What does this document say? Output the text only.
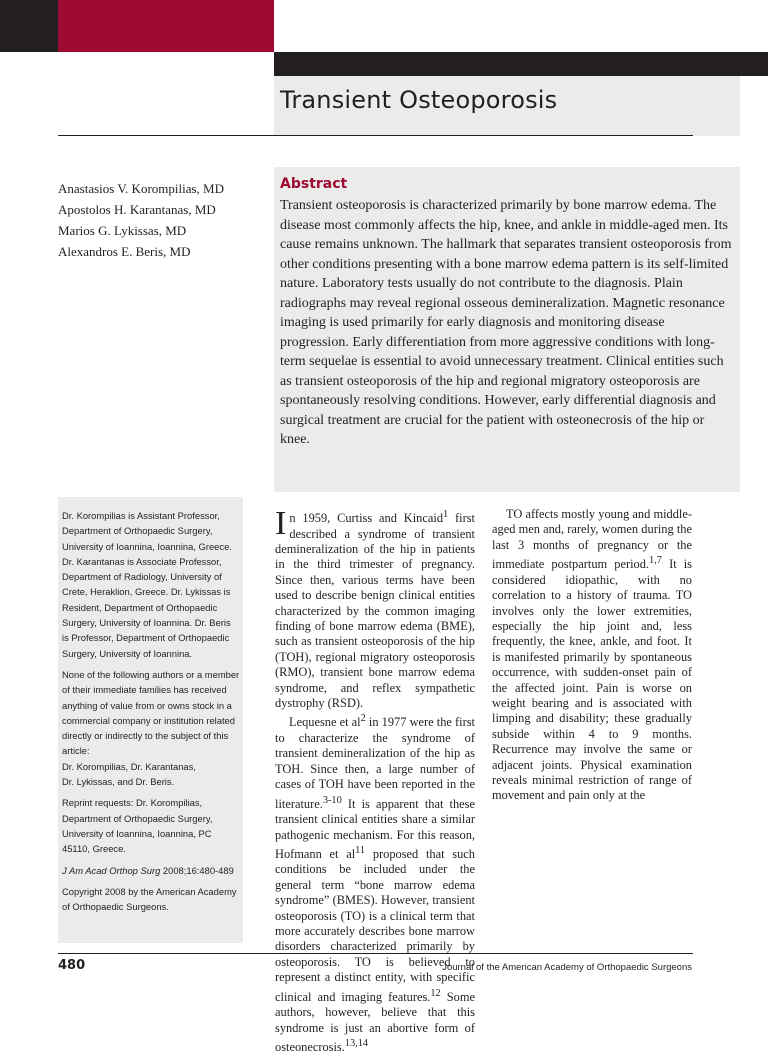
Transient Osteoporosis
Anastasios V. Korompilias, MD
Apostolos H. Karantanas, MD
Marios G. Lykissas, MD
Alexandros E. Beris, MD
Abstract

Transient osteoporosis is characterized primarily by bone marrow edema. The disease most commonly affects the hip, knee, and ankle in middle-aged men. Its cause remains unknown. The hallmark that separates transient osteoporosis from other conditions presenting with a bone marrow edema pattern is its self-limited nature. Laboratory tests usually do not contribute to the diagnosis. Plain radiographs may reveal regional osseous demineralization. Magnetic resonance imaging is used primarily for early diagnosis and monitoring disease progression. Early differentiation from more aggressive conditions with long-term sequelae is essential to avoid unnecessary treatment. Clinical entities such as transient osteoporosis of the hip and regional migratory osteoporosis are spontaneously resolving conditions. However, early differential diagnosis and surgical treatment are crucial for the patient with osteonecrosis of the hip or knee.

Dr. Korompilias is Assistant Professor, Department of Orthopaedic Surgery, University of Ioannina, Ioannina, Greece. Dr. Karantanas is Associate Professor, Department of Radiology, University of Crete, Heraklion, Greece. Dr. Lykissas is Resident, Department of Orthopaedic Surgery, University of Ioannina. Dr. Beris is Professor, Department of Orthopaedic Surgery, University of Ioannina.

None of the following authors or a member of their immediate families has received anything of value from or owns stock in a commercial company or institution related directly or indirectly to the subject of this article:
Dr. Korompilias, Dr. Karantanas,
Dr. Lykissas, and Dr. Beris.

Reprint requests: Dr. Korompilias, Department of Orthopaedic Surgery, University of Ioannina, Ioannina, PC 45110, Greece.

J Am Acad Orthop Surg 2008;16:480-489

Copyright 2008 by the American Academy of Orthopaedic Surgeons.

In 1959, Curtiss and Kincaid$^1$ first described a syndrome of transient demineralization of the hip in patients in the third trimester of pregnancy. Since then, various terms have been used to describe benign clinical entities characterized by the common imaging finding of bone marrow edema (BME), such as transient osteoporosis of the hip (TOH), regional migratory osteoporosis (RMO), transient bone marrow edema syndrome, and reflex sympathetic dystrophy (RSD).

Lequesne et $al^2$ in 1977 were the first to characterize the syndrome of transient demineralization of the hip as TOH. Since then, a large number of cases of TOH have been reported in the literature.$^{3-10}$ It is apparent that these transient clinical entities share a similar pathogenic mechanism. For this reason, Hofmann et $al^{11}$ proposed that such conditions be included under the general term “bone marrow edema syndrome” (BMES). However, transient osteoporosis (TO) is a clinical term that more accurately describes bone marrow disorders characterized primarily by osteoporosis. TO is believed to represent a distinct entity, with specific clinical and imaging features.$^{12}$ Some authors, however, believe that this syndrome is just an abortive form of osteonecrosis.$^{13,14}$

TO affects mostly young and middle-aged men and, rarely, women during the last 3 months of pregnancy or the immediate postpartum period.$^{1,7}$ It is considered idiopathic, with no correlation to a history of trauma. TO involves only the lower extremities, especially the hip joint and, less frequently, the knee, ankle, and foot. It is manifested primarily by spontaneous occurrence, with sudden-onset pain of the affected joint. Pain is worse on weight bearing and is associated with limping and disability; these gradually subside within 4 to 9 months. Recurrence may involve the same or adjacent joints. Physical examination reveals minimal restriction of range of movement and pain only at the

480	Journal of the American Academy of Orthopaedic Surgeons
